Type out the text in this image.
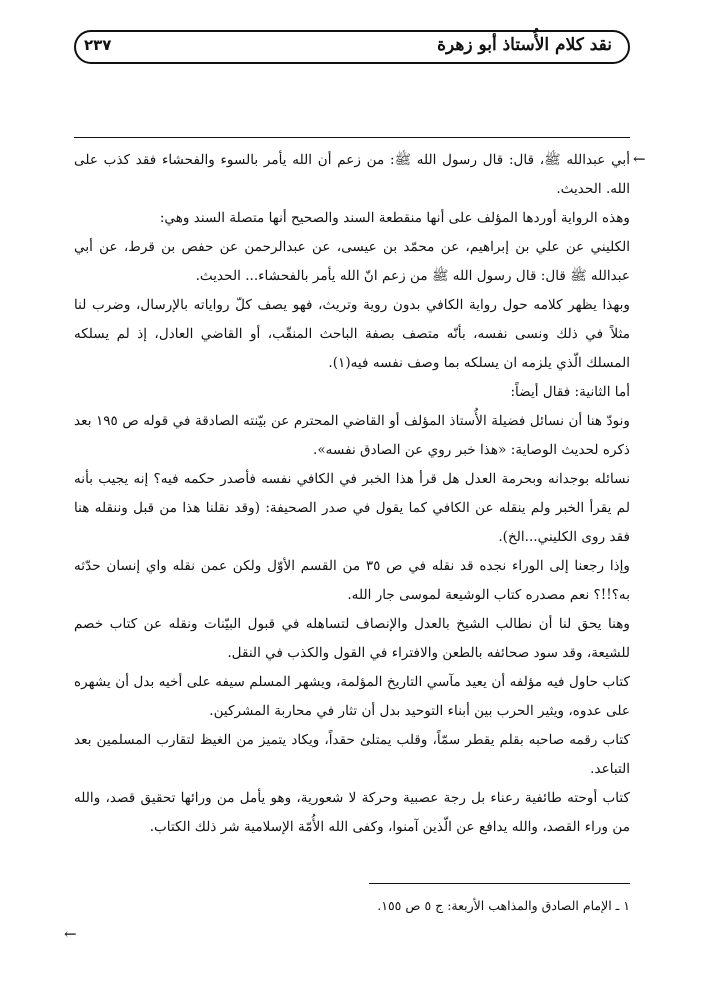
نقد كلام الأُستاذ أبو زهرة
٢٣٧
←

أبي عبدالله ﷺ، قال: قال رسول الله ﷺ: من زعم أن الله يأمر بالسوء والفحشاء فقد كذب على الله. الحديث.

وهذه الرواية أوردها المؤلف على أنها منقطعة السند والصحيح أنها متصلة السند وهي:

الكليني عن علي بن إبراهيم، عن محمّد بن عيسى، عن عبدالرحمن عن حفص بن قرط، عن أبي عبدالله ﷺ قال: قال رسول الله ﷺ من زعم انّ الله يأمر بالفحشاء... الحديث.

وبهذا يظهر كلامه حول رواية الكافي بدون روية وتريث، فهو يصف كلّ رواياته بالإرسال، وضرب لنا مثلاً في ذلك ونسى نفسه، بأنّه متصف بصفة الباحث المنقّب، أو القاضي العادل، إذ لم يسلكه المسلك الّذي يلزمه ان يسلكه بما وصف نفسه فيه(١).

أما الثانية: فقال أيضاً:

ونودّ هنا أن نسائل فضيلة الأُستاذ المؤلف أو القاضي المحترم عن بيّنته الصادقة في قوله ص ١٩٥ بعد ذكره لحديث الوصاية: «هذا خبر روي عن الصادق نفسه».

نسائله بوجدانه وبحرمة العدل هل قرأ هذا الخبر في الكافي نفسه فأصدر حكمه فيه؟ إنه يجيب بأنه لم يقرأ الخبر ولم ينقله عن الكافي كما يقول في صدر الصحيفة: (وقد نقلنا هذا من قبل وننقله هنا فقد روى الكليني...الخ).

وإذا رجعنا إلى الوراء نجده قد نقله في ص ٣٥ من القسم الأوّل ولكن عمن نقله واي إنسان حدّثه به؟!!؟ نعم مصدره كتاب الوشيعة لموسى جار الله.

وهنا يحق لنا أن نطالب الشيخ بالعدل والإنصاف لتساهله في قبول البيّنات ونقله عن كتاب خصم للشيعة، وقد سود صحائفه بالطعن والافتراء في القول والكذب في النقل.

كتاب حاول فيه مؤلفه أن يعيد مآسي التاريخ المؤلمة، ويشهر المسلم سيفه على أخيه بدل أن يشهره على عدوه، ويثير الحرب بين أبناء التوحيد بدل أن تثار في محاربة المشركين.

كتاب رقمه صاحبه بقلم يقطر سمّاً، وقلب يمتلئ حقداً، ويكاد يتميز من الغيظ لتقارب المسلمين بعد التباعد.

كتاب أوحته طائفية رعناء بل رجة عصبية وحركة لا شعورية، وهو يأمل من ورائها تحقيق قصد، والله من وراء القصد، والله يدافع عن الّذين آمنوا، وكفى الله الأُمّة الإسلامية شر ذلك الكتاب.

١ ـ الإمام الصادق والمذاهب الأربعة: ج ٥ ص ١٥٥.
←
